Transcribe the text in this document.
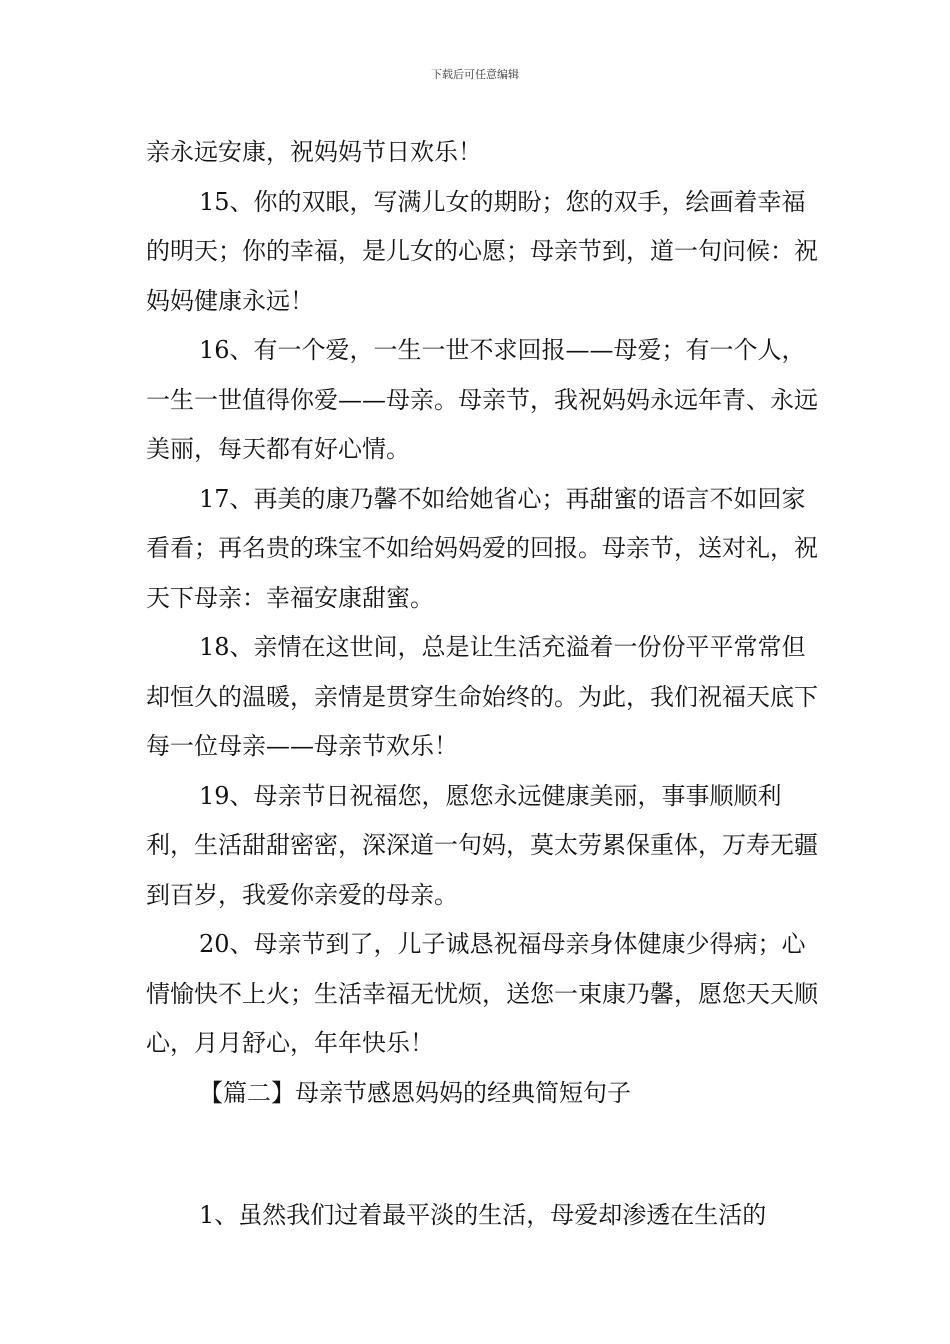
下载后可任意编辑

亲永远安康，祝妈妈节日欢乐！

15、你的双眼，写满儿女的期盼；您的双手，绘画着幸福的明天；你的幸福，是儿女的心愿；母亲节到，道一句问候：祝妈妈健康永远！

16、有一个爱，一生一世不求回报——母爱；有一个人，一生一世值得你爱——母亲。母亲节，我祝妈妈永远年青、永远美丽，每天都有好心情。

17、再美的康乃馨不如给她省心；再甜蜜的语言不如回家看看；再名贵的珠宝不如给妈妈爱的回报。母亲节，送对礼，祝天下母亲：幸福安康甜蜜。

18、亲情在这世间，总是让生活充溢着一份份平平常常但却恒久的温暖，亲情是贯穿生命始终的。为此，我们祝福天底下每一位母亲——母亲节欢乐！

19、母亲节日祝福您，愿您永远健康美丽，事事顺顺利利，生活甜甜密密，深深道一句妈，莫太劳累保重体，万寿无疆到百岁，我爱你亲爱的母亲。

20、母亲节到了，儿子诚恳祝福母亲身体健康少得病；心情愉快不上火；生活幸福无忧烦，送您一束康乃馨，愿您天天顺心，月月舒心，年年快乐！

【篇二】母亲节感恩妈妈的经典简短句子

1、虽然我们过着最平淡的生活，母爱却渗透在生活的
